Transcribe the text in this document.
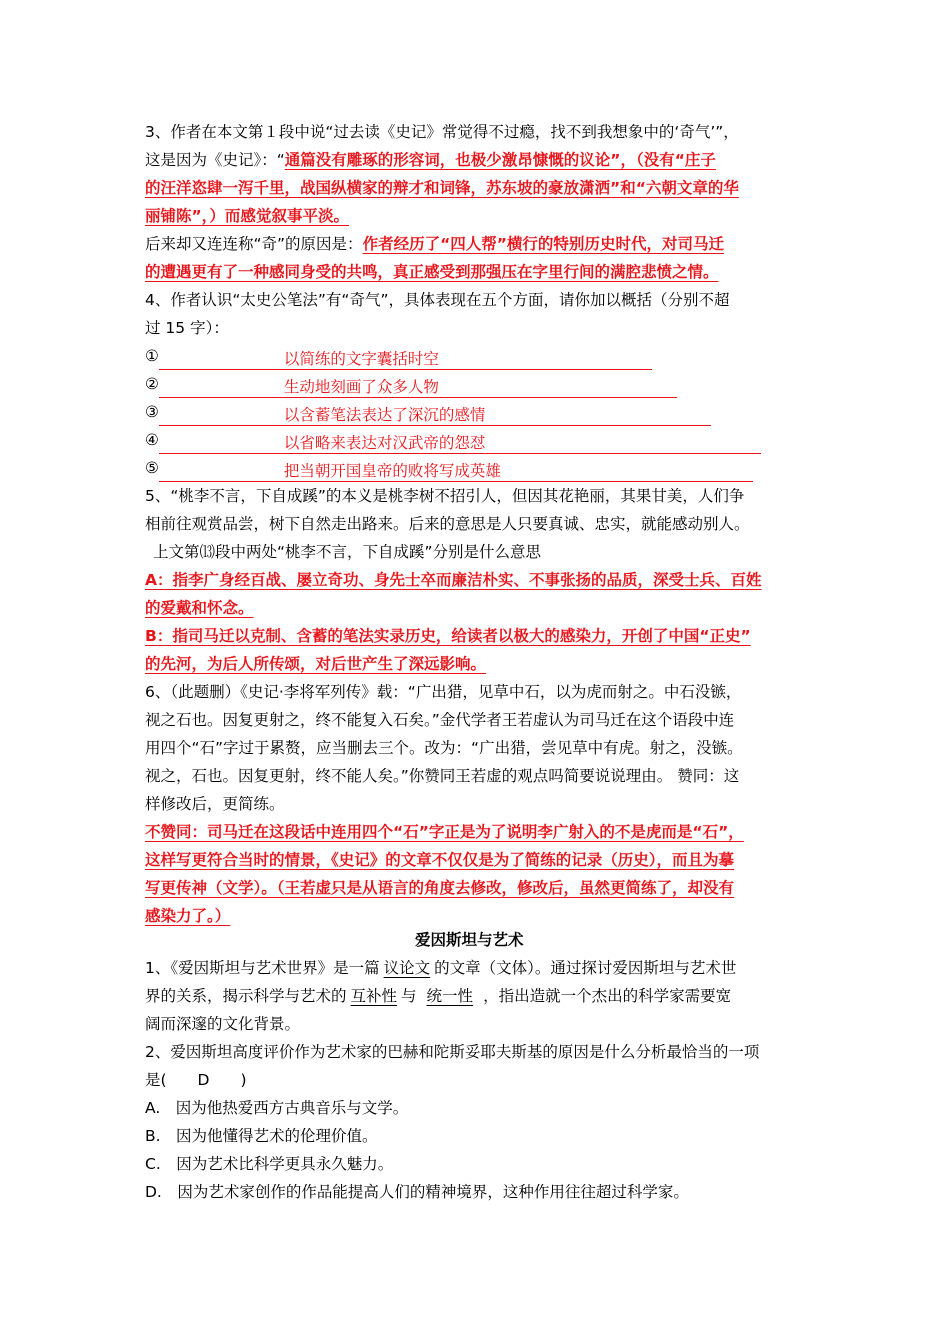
3、作者在本文第１段中说“过去读《史记》常觉得不过瘾，找不到我想象中的‘奇气’”，
这是因为《史记》：“通篇没有雕琢的形容词，也极少激昂慷慨的议论”，（没有“庄子
的汪洋恣肆一泻千里，战国纵横家的辩才和词锋，苏东坡的豪放潇洒”和“六朝文章的华
丽铺陈”，）而感觉叙事平淡。
后来却又连连称“奇”的原因是：作者经历了“四人帮”横行的特别历史时代，对司马迁
的遭遇更有了一种感同身受的共鸣，真正感受到那强压在字里行间的满腔悲愤之情。
4、作者认识“太史公笔法”有“奇气”，具体表现在五个方面，请你加以概括（分别不超
过 15 字）：
①	以简练的文字囊括时空
②	生动地刻画了众多人物
③	以含蓄笔法表达了深沉的感情
④	以省略来表达对汉武帝的怨怼
⑤	把当朝开国皇帝的败将写成英雄
5、“桃李不言，下自成蹊”的本义是桃李树不招引人，但因其花艳丽，其果甘美，人们争
相前往观赏品尝，树下自然走出路来。后来的意思是人只要真诚、忠实，就能感动别人。
上文第⒀段中两处“桃李不言，下自成蹊”分别是什么意思
A：指李广身经百战、屡立奇功、身先士卒而廉洁朴实、不事张扬的品质，深受士兵、百姓
的爱戴和怀念。
B：指司马迁以克制、含蓄的笔法实录历史，给读者以极大的感染力，开创了中国“正史”
的先河，为后人所传颂，对后世产生了深远影响。
6、（此题删）《史记·李将军列传》载：“广出猎，见草中石，以为虎而射之。中石没镞，
视之石也。因复更射之，终不能复入石矣。”金代学者王若虚认为司马迁在这个语段中连
用四个“石”字过于累赘，应当删去三个。改为：“广出猎，尝见草中有虎。射之，没镞。
视之，石也。因复更射，终不能人矣。”你赞同王若虚的观点吗简要说说理由。 赞同：这
样修改后，更简练。
不赞同：司马迁在这段话中连用四个“石”字正是为了说明李广射入的不是虎而是“石”，
这样写更符合当时的情景，《史记》的文章不仅仅是为了简练的记录（历史），而且为摹
写更传神（文学）。（王若虚只是从语言的角度去修改，修改后，虽然更简练了，却没有
感染力了。）
爱因斯坦与艺术
1、《爱因斯坦与艺术世界》是一篇 议论文 的文章（文体）。通过探讨爱因斯坦与艺术世
界的关系，揭示科学与艺术的 互补性 与 统一性 ，指出造就一个杰出的科学家需要宽
阔而深邃的文化背景。
2、爱因斯坦高度评价作为艺术家的巴赫和陀斯妥耶夫斯基的原因是什么分析最恰当的一项
是(　　D　　)
A.　因为他热爱西方古典音乐与文学。
B.　因为他懂得艺术的伦理价值。
C.　因为艺术比科学更具永久魅力。
D.　因为艺术家创作的作品能提高人们的精神境界，这种作用往往超过科学家。
